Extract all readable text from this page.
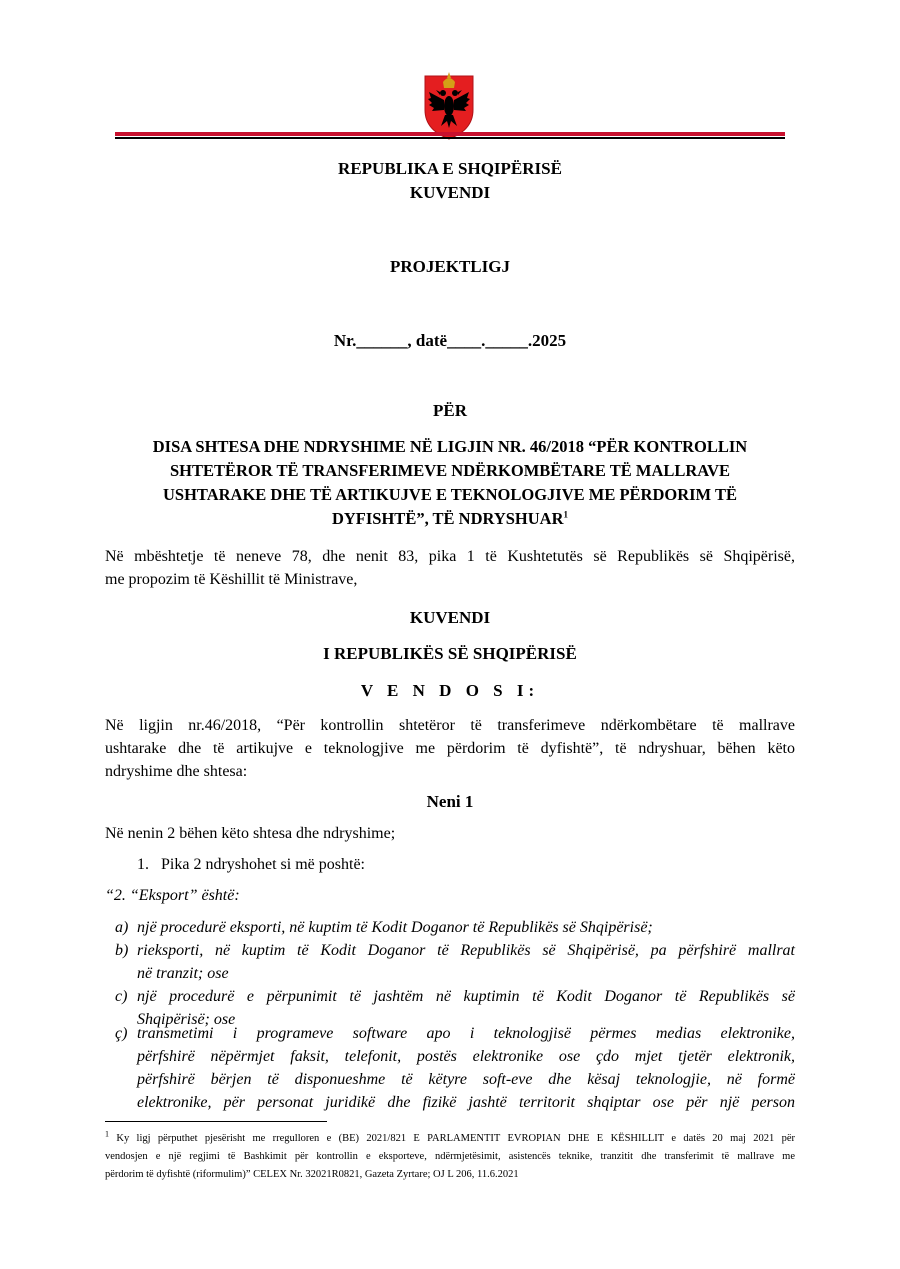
REPUBLIKA E SHQIPËRISË
KUVENDI
PROJEKTLIGJ
Nr.______, datë____._____.2025
PËR
DISA SHTESA DHE NDRYSHIME NË LIGJIN NR. 46/2018 “PËR KONTROLLIN
SHTETËROR TË TRANSFERIMEVE NDËRKOMBËTARE TË MALLRAVE
USHTARAKE DHE TË ARTIKUJVE E TEKNOLOGJIVE ME PËRDORIM TË
DYFISHTË”, TË NDRYSHUAR$^1$
Në mbështetje të neneve 78, dhe nenit 83, pika 1 të Kushtetutës së Republikës së Shqipërisë,
me propozim të Këshillit të Ministrave,
KUVENDI
I REPUBLIKËS SË SHQIPËRISË
V E N D O S I:
Në ligjin nr.46/2018, “Për kontrollin shtetëror të transferimeve ndërkombëtare të mallrave
ushtarake dhe të artikujve e teknologjive me përdorim të dyfishtë”, të ndryshuar, bëhen këto
ndryshime dhe shtesa:
Neni 1
Në nenin 2 bëhen këto shtesa dhe ndryshime;
1. Pika 2 ndryshohet si më poshtë:
“2. “Eksport” është:
a) një procedurë eksporti, në kuptim të Kodit Doganor të Republikës së Shqipërisë;
b) rieksporti, në kuptim të Kodit Doganor të Republikës së Shqipërisë, pa përfshirë mallrat
në tranzit; ose
c) një procedurë e përpunimit të jashtëm në kuptimin të Kodit Doganor të Republikës së
Shqipërisë; ose
ç) transmetimi i programeve software apo i teknologjisë përmes medias elektronike,
përfshirë nëpërmjet faksit, telefonit, postës elektronike ose çdo mjet tjetër elektronik,
përfshirë bërjen të disponueshme të këtyre soft-eve dhe kësaj teknologjie, në formë
elektronike, për personat juridikë dhe fizikë jashtë territorit shqiptar ose për një person
$^1$ Ky ligj përputhet pjesërisht me rregulloren e (BE) 2021/821 E PARLAMENTIT EVROPIAN DHE E KËSHILLIT e datës 20 maj 2021 për
vendosjen e një regjimi të Bashkimit për kontrollin e eksporteve, ndërmjetësimit, asistencës teknike, tranzitit dhe transferimit të mallrave me
përdorim të dyfishtë (riformulim)” CELEX Nr. 32021R0821, Gazeta Zyrtare; OJ L 206, 11.6.2021
